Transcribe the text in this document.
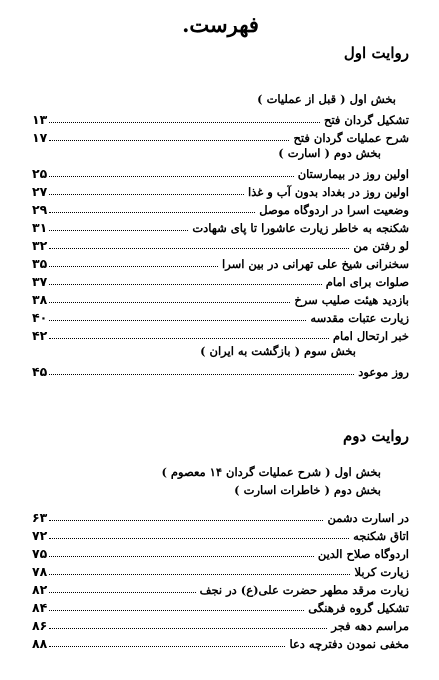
فهرست.
روایت اول
روایت دوم
بخش اول ( قبل از عملیات )
تشکیل گردان فتح
۱۳
شرح عملیات گردان فتح
۱۷
بخش دوم ( اسارت )
اولین روز در بیمارستان
۲۵
اولین روز در بغداد بدون آب و غذا
۲۷
وضعیت اسرا در اردوگاه موصل
۲۹
شکنجه به خاطر زیارت عاشورا تا پای شهادت
۳۱
لو رفتن من
۳۲
سخنرانی شیخ علی تهرانی در بین اسرا
۳۵
صلوات برای امام
۳۷
بازدید هیئت صلیب سرخ
۳۸
زیارت عتبات مقدسه
۴۰
خبر ارتحال امام
۴۲
بخش سوم ( بازگشت به ایران )
روز موعود
۴۵
بخش اول ( شرح عملیات گردان ۱۴ معصوم )
بخش دوم ( خاطرات اسارت )
در اسارت دشمن
۶۳
اتاق شکنجه
۷۲
اردوگاه صلاح الدین
۷۵
زیارت کربلا
۷۸
زیارت مرقد مطهر حضرت علی(ع) در نجف
۸۲
تشکیل گروه فرهنگی
۸۴
مراسم دهه فجر
۸۶
مخفی نمودن دفترچه دعا
۸۸
